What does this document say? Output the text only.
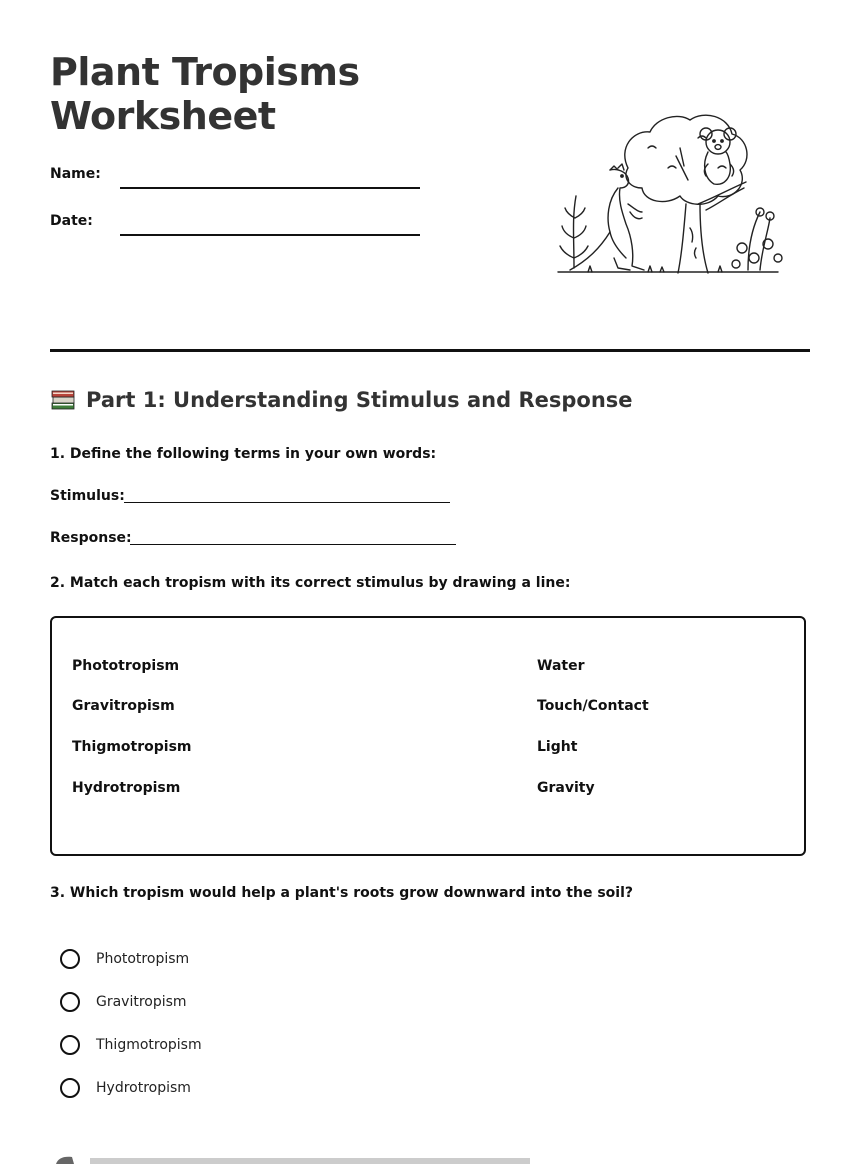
Plant Tropisms
Worksheet
Name:
Date:
Part 1: Understanding Stimulus and Response

1. Define the following terms in your own words:

Stimulus:
Response:

2. Match each tropism with its correct stimulus by drawing a line:

Phototropism
Gravitropism
Thigmotropism
Hydrotropism
Water
Touch/Contact
Light
Gravity

3. Which tropism would help a plant's roots grow downward into the soil?

Phototropism
Gravitropism
Thigmotropism
Hydrotropism
